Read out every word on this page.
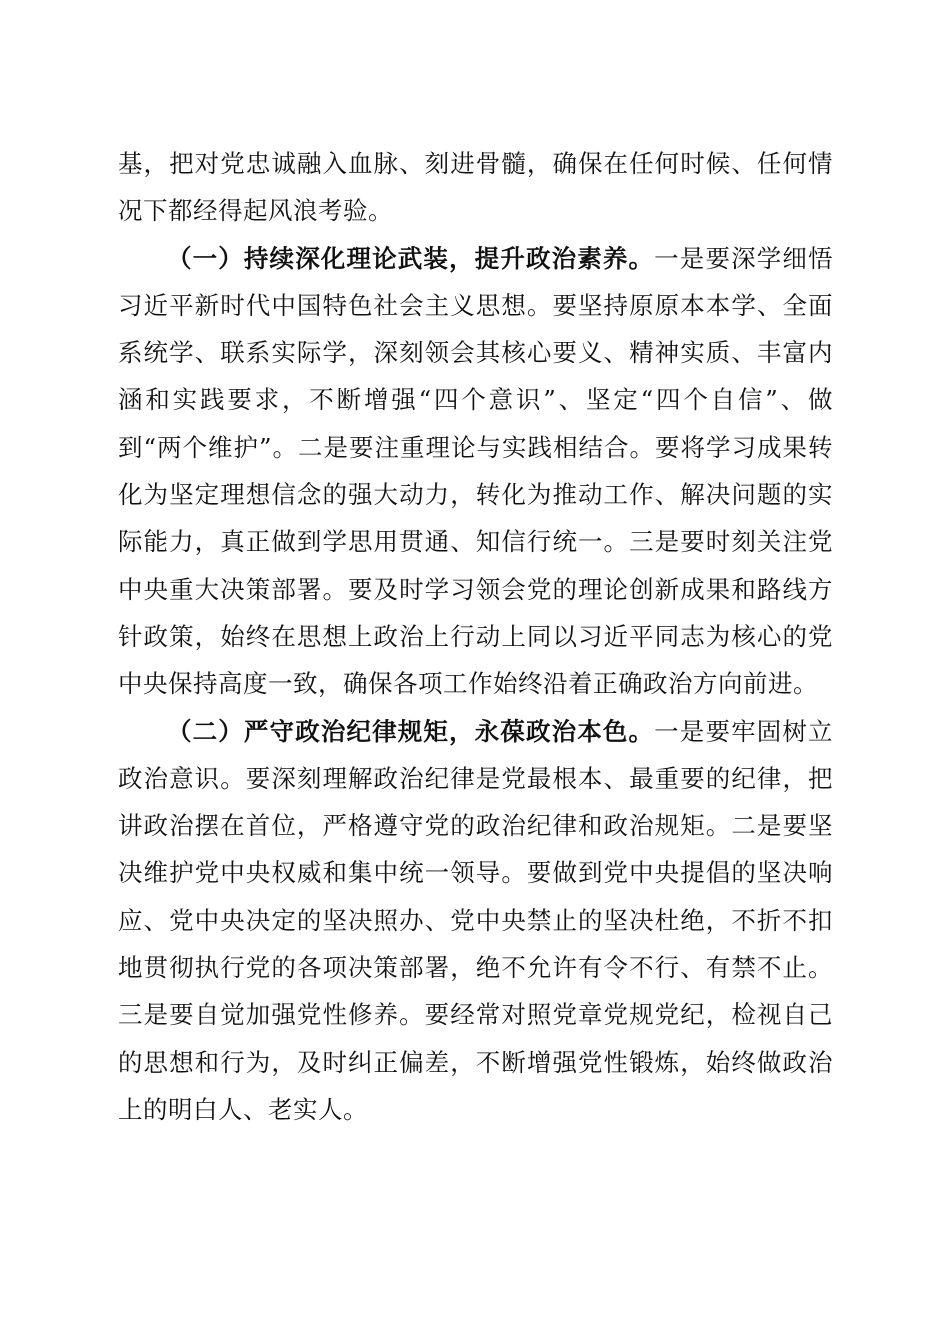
基，把对党忠诚融入血脉、刻进骨髓，确保在任何时候、任何情况下都经得起风浪考验。

（一）持续深化理论武装，提升政治素养。一是要深学细悟习近平新时代中国特色社会主义思想。要坚持原原本本学、全面系统学、联系实际学，深刻领会其核心要义、精神实质、丰富内涵和实践要求，不断增强“四个意识”、坚定“四个自信”、做到“两个维护”。二是要注重理论与实践相结合。要将学习成果转化为坚定理想信念的强大动力，转化为推动工作、解决问题的实际能力，真正做到学思用贯通、知信行统一。三是要时刻关注党中央重大决策部署。要及时学习领会党的理论创新成果和路线方针政策，始终在思想上政治上行动上同以习近平同志为核心的党中央保持高度一致，确保各项工作始终沿着正确政治方向前进。

（二）严守政治纪律规矩，永葆政治本色。一是要牢固树立政治意识。要深刻理解政治纪律是党最根本、最重要的纪律，把讲政治摆在首位，严格遵守党的政治纪律和政治规矩。二是要坚决维护党中央权威和集中统一领导。要做到党中央提倡的坚决响应、党中央决定的坚决照办、党中央禁止的坚决杜绝，不折不扣地贯彻执行党的各项决策部署，绝不允许有令不行、有禁不止。三是要自觉加强党性修养。要经常对照党章党规党纪，检视自己的思想和行为，及时纠正偏差，不断增强党性锻炼，始终做政治上的明白人、老实人。
